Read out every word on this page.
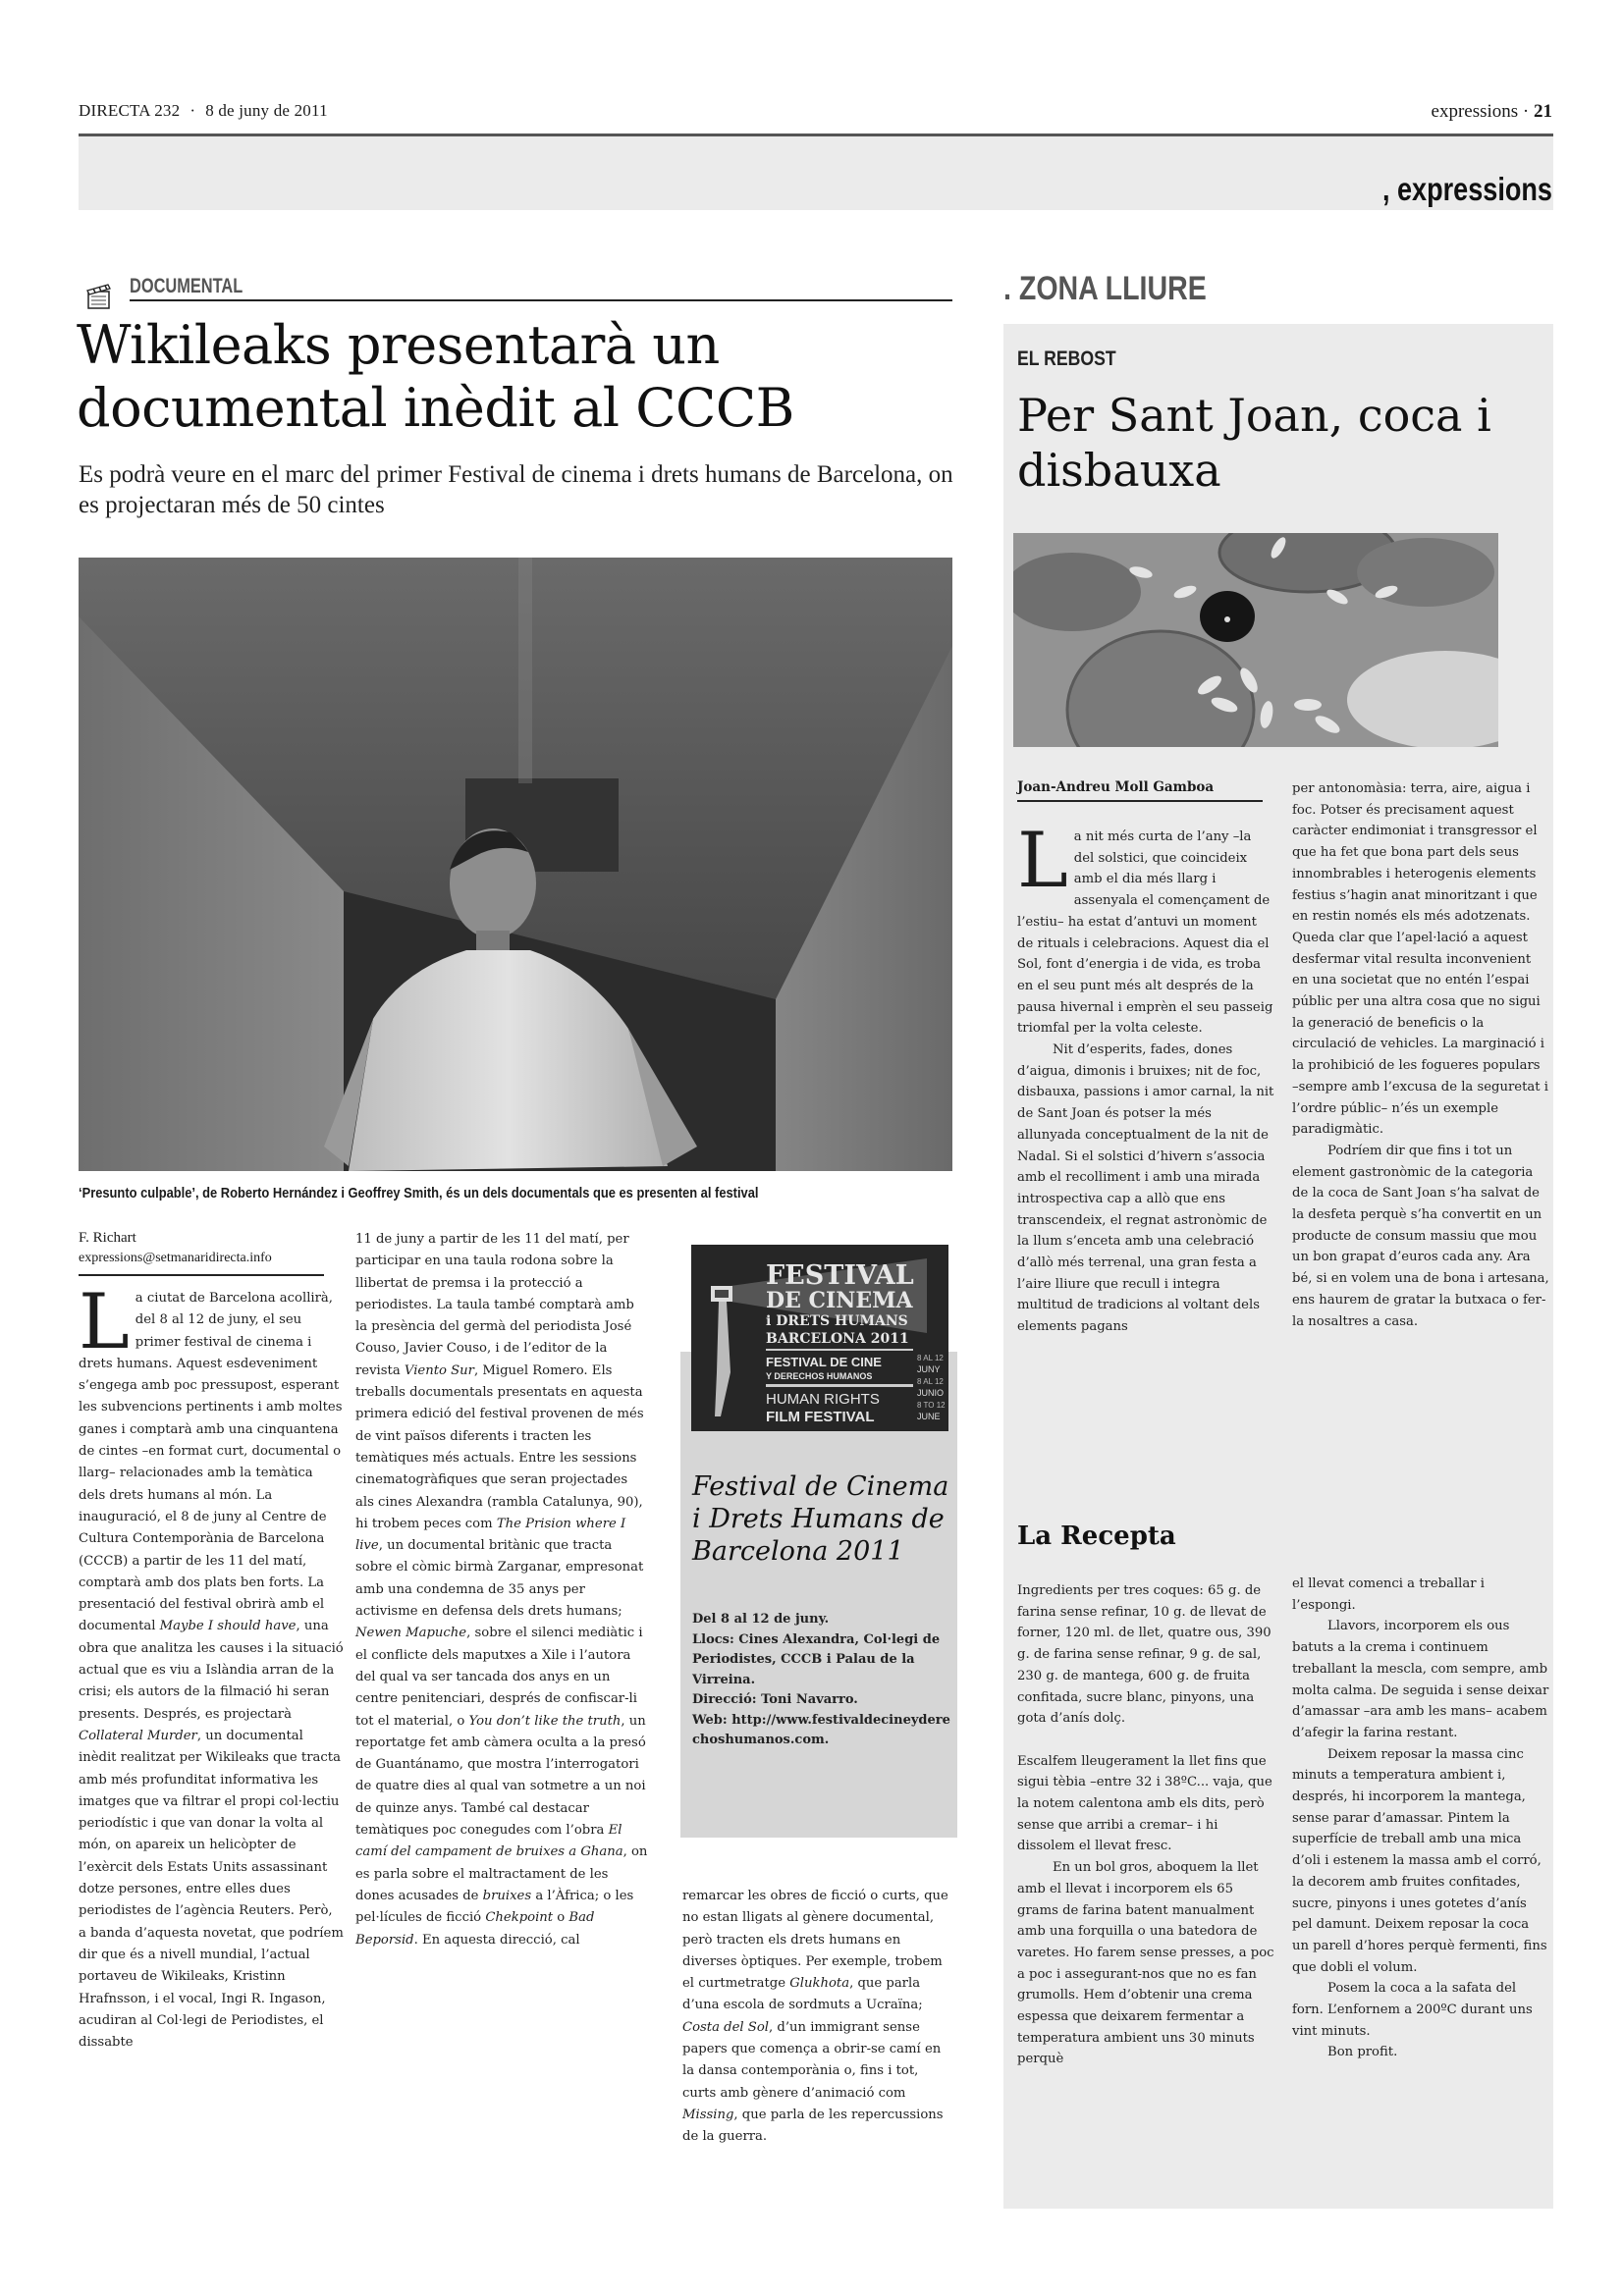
DIRECTA 232 · 8 de juny de 2011	expressions · 21
, expressions
DOCUMENTAL
Wikileaks presentarà un documental inèdit al CCCB
Es podrà veure en el marc del primer Festival de cinema i drets humans de Barcelona, on es projectaran més de 50 cintes
‘Presunto culpable’, de Roberto Hernández i Geoffrey Smith, és un dels documentals que es presenten al festival
F. Richart
expressions@setmanaridirecta.info

La ciutat de Barcelona acollirà, del 8 al 12 de juny, el seu primer festival de cinema i drets humans. Aquest esdeveniment s’engega amb poc pressupost, esperant les subvencions pertinents i amb moltes ganes i comptarà amb una cinquantena de cintes –en format curt, documental o llarg– relacionades amb la temàtica dels drets humans al món. La inauguració, el 8 de juny al Centre de Cultura Contemporània de Barcelona (CCCB) a partir de les 11 del matí, comptarà amb dos plats ben forts. La presentació del festival obrirà amb el documental Maybe I should have, una obra que analitza les causes i la situació actual que es viu a Islàndia arran de la crisi; els autors de la filmació hi seran presents. Després, es projectarà Collateral Murder, un documental inèdit realitzat per Wikileaks que tracta amb més profunditat informativa les imatges que va filtrar el propi col·lectiu periodístic i que van donar la volta al món, on apareix un helicòpter de l’exèrcit dels Estats Units assassinant dotze persones, entre elles dues periodistes de l’agència Reuters. Però, a banda d’aquesta novetat, que podríem dir que és a nivell mundial, l’actual portaveu de Wikileaks, Kristinn Hrafnsson, i el vocal, Ingi R. Ingason, acudiran al Col·legi de Periodistes, el dissabte

11 de juny a partir de les 11 del matí, per participar en una taula rodona sobre la llibertat de premsa i la protecció a periodistes. La taula també comptarà amb la presència del germà del periodista José Couso, Javier Couso, i de l’editor de la revista Viento Sur, Miguel Romero. Els treballs documentals presentats en aquesta primera edició del festival provenen de més de vint països diferents i tracten les temàtiques més actuals. Entre les sessions cinematogràfiques que seran projectades als cines Alexandra (rambla Catalunya, 90), hi trobem peces com The Prision where I live, un documental britànic que tracta sobre el còmic birmà Zarganar, empresonat amb una condemna de 35 anys per activisme en defensa dels drets humans; Newen Mapuche, sobre el silenci mediàtic i el conflicte dels maputxes a Xile i l’autora del qual va ser tancada dos anys en un centre penitenciari, després de confiscar-li tot el material, o You don’t like the truth, un reportatge fet amb càmera oculta a la presó de Guantánamo, que mostra l’interrogatori de quatre dies al qual van sotmetre a un noi de quinze anys. També cal destacar temàtiques poc conegudes com l’obra El camí del campament de bruixes a Ghana, on es parla sobre el maltractament de les dones acusades de bruixes a l’Àfrica; o les pel·lícules de ficció Chekpoint o Bad Beporsid. En aquesta direcció, cal

remarcar les obres de ficció o curts, que no estan lligats al gènere documental, però tracten els drets humans en diverses òptiques. Per exemple, trobem el curtmetratge Glukhota, que parla d’una escola de sordmuts a Ucraïna; Costa del Sol, d’un immigrant sense papers que comença a obrir-se camí en la dansa contemporània o, fins i tot, curts amb gènere d’animació com Missing, que parla de les repercussions de la guerra.

FESTIVAL
DE CINEMA
i DRETS HUMANS
BARCELONA 2011
FESTIVAL DE CINE
Y DERECHOS HUMANOS
HUMAN RIGHTS
FILM FESTIVAL
8 AL 12
JUNY
8 AL 12
JUNIO
8 TO 12
JUNE
Festival de Cinema i Drets Humans de Barcelona 2011
Del 8 al 12 de juny.
Llocs: Cines Alexandra, Col·legi de Periodistes, CCCB i Palau de la Virreina.
Direcció: Toni Navarro.
Web: http://www.festivaldecineyderechoshumanos.com.
. ZONA LLIURE
EL REBOST
Per Sant Joan, coca i disbauxa
Joan-Andreu Moll Gamboa

La nit més curta de l’any –la del solstici, que coincideix amb el dia més llarg i assenyala el començament de l’estiu– ha estat d’antuvi un moment de rituals i celebracions. Aquest dia el Sol, font d’energia i de vida, es troba en el seu punt més alt després de la pausa hivernal i emprèn el seu passeig triomfal per la volta celeste.

Nit d’esperits, fades, dones d’aigua, dimonis i bruixes; nit de foc, disbauxa, passions i amor carnal, la nit de Sant Joan és potser la més allunyada conceptualment de la nit de Nadal. Si el solstici d’hivern s’associa amb el recolliment i amb una mirada introspectiva cap a allò que ens transcendeix, el regnat astronòmic de la llum s’enceta amb una celebració d’allò més terrenal, una gran festa a l’aire lliure que recull i integra multitud de tradicions al voltant dels elements pagans

per antonomàsia: terra, aire, aigua i foc. Potser és precisament aquest caràcter endimoniat i transgressor el que ha fet que bona part dels seus innombrables i heterogenis elements festius s’hagin anat minoritzant i que en restin només els més adotzenats. Queda clar que l’apel·lació a aquest desfermar vital resulta inconvenient en una societat que no entén l’espai públic per una altra cosa que no sigui la generació de beneficis o la circulació de vehicles. La marginació i la prohibició de les fogueres populars –sempre amb l’excusa de la seguretat i l’ordre públic– n’és un exemple paradigmàtic.

Podríem dir que fins i tot un element gastronòmic de la categoria de la coca de Sant Joan s’ha salvat de la desfeta perquè s’ha convertit en un producte de consum massiu que mou un bon grapat d’euros cada any. Ara bé, si en volem una de bona i artesana, ens haurem de gratar la butxaca o fer-la nosaltres a casa.

La Recepta

Ingredients per tres coques: 65 g. de farina sense refinar, 10 g. de llevat de forner, 120 ml. de llet, quatre ous, 390 g. de farina sense refinar, 9 g. de sal, 230 g. de mantega, 600 g. de fruita confitada, sucre blanc, pinyons, una gota d’anís dolç.

Escalfem lleugerament la llet fins que sigui tèbia –entre 32 i 38ºC... vaja, que la notem calentona amb els dits, però sense que arribi a cremar– i hi dissolem el llevat fresc.

En un bol gros, aboquem la llet amb el llevat i incorporem els 65 grams de farina batent manualment amb una forquilla o una batedora de varetes. Ho farem sense presses, a poc a poc i assegurant-nos que no es fan grumolls. Hem d’obtenir una crema espessa que deixarem fermentar a temperatura ambient uns 30 minuts perquè

el llevat comenci a treballar i l’espongi.

Llavors, incorporem els ous batuts a la crema i continuem treballant la mescla, com sempre, amb molta calma. De seguida i sense deixar d’amassar –ara amb les mans– acabem d’afegir la farina restant.

Deixem reposar la massa cinc minuts a temperatura ambient i, després, hi incorporem la mantega, sense parar d’amassar. Pintem la superfície de treball amb una mica d’oli i estenem la massa amb el corró, la decorem amb fruites confitades, sucre, pinyons i unes gotetes d’anís pel damunt. Deixem reposar la coca un parell d’hores perquè fermenti, fins que dobli el volum.

Posem la coca a la safata del forn. L’enfornem a 200ºC durant uns vint minuts.

Bon profit.
